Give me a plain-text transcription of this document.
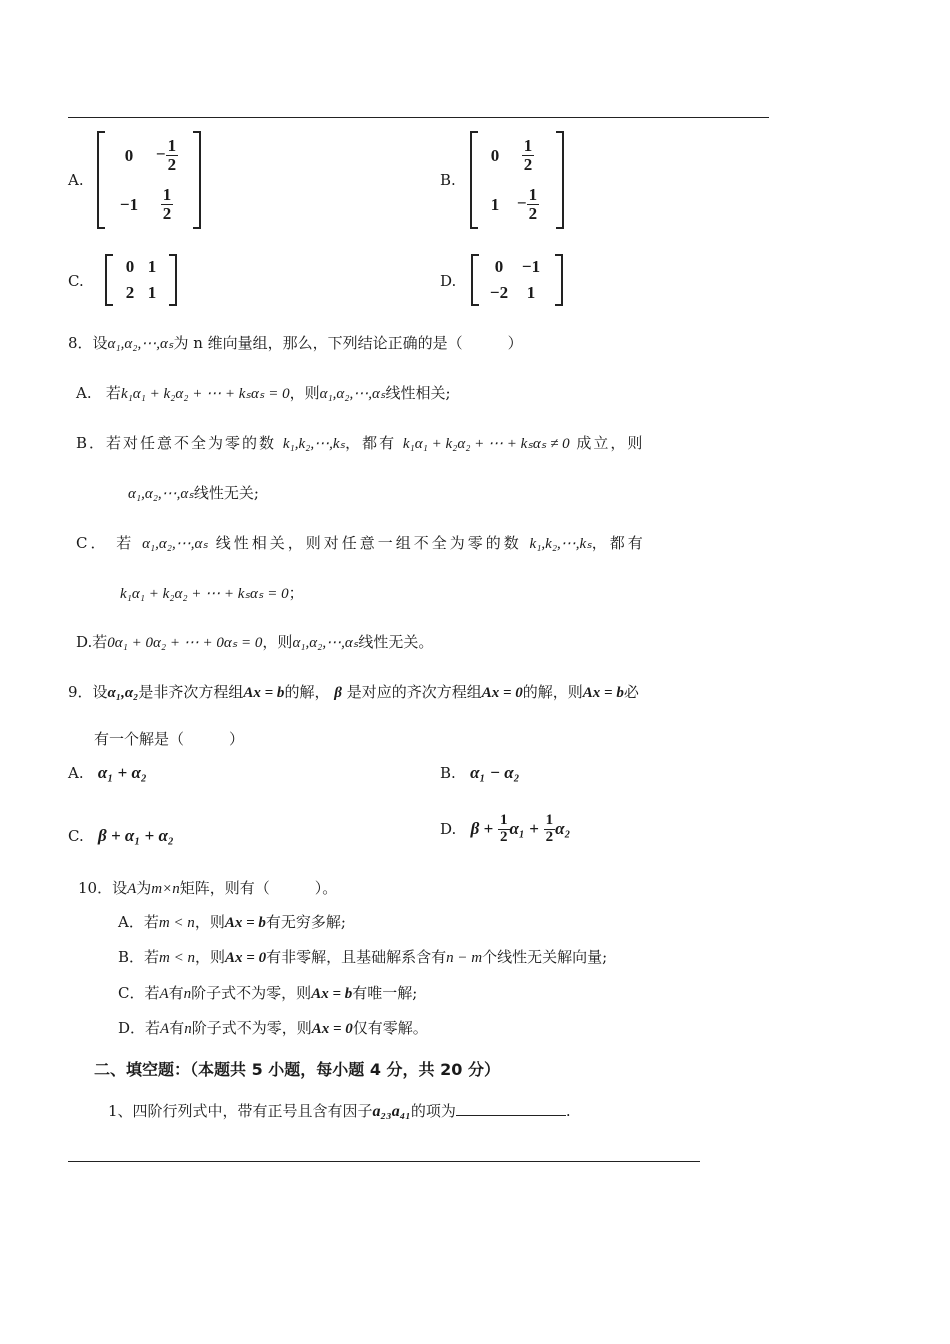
A.
$0 - \frac{1}{2}$
$-1 \frac{1}{2}$
B.
$0 \frac{1}{2}$
$1 - \frac{1}{2}$
C.
0 1
2 1
D.
0 −1
−2 1
8．设α₁,α₂,⋯,αₛ为 n 维向量组，那么，下列结论正确的是（　　　）
A. 若k₁α₁ + k₂α₂ + ⋯ + kₛαₛ = 0，则α₁,α₂,⋯,αₛ线性相关;
B．若对任意不全为零的数 k₁,k₂,⋯,kₛ，都有 k₁α₁ + k₂α₂ + ⋯ + kₛαₛ ≠ 0 成立，则
α₁,α₂,⋯,αₛ线性无关;
C． 若 α₁,α₂,⋯,αₛ 线性相关，则对任意一组不全为零的数 k₁,k₂,⋯,kₛ，都有
k₁α₁ + k₂α₂ + ⋯ + kₛαₛ = 0；
D.若0α₁ + 0α₂ + ⋯ + 0αₛ = 0，则α₁,α₂,⋯,αₛ线性无关。
9．设α₁,α₂是非齐次方程组Ax = b的解， β 是对应的齐次方程组Ax = 0的解，则Ax = b必
有一个解是（　　　）
A. α₁ + α₂	B. α₁ − α₂
C. β + α₁ + α₂	D.
β +
$\frac{1}{2} \alpha_1$ +
$\frac{1}{2} \alpha_2$
10．设A为m×n矩阵，则有（　　　）。
A．若m < n，则Ax = b有无穷多解;
B．若m < n，则Ax = 0有非零解，且基础解系含有n − m个线性无关解向量;
C．若A有n阶子式不为零，则Ax = b有唯一解;
D．若A有n阶子式不为零，则Ax = 0仅有零解。
二、填空题：（本题共 5 小题，每小题 4 分，共 20 分）
1、四阶行列式中，带有正号且含有因子a₂₃a₄₁的项为	.
